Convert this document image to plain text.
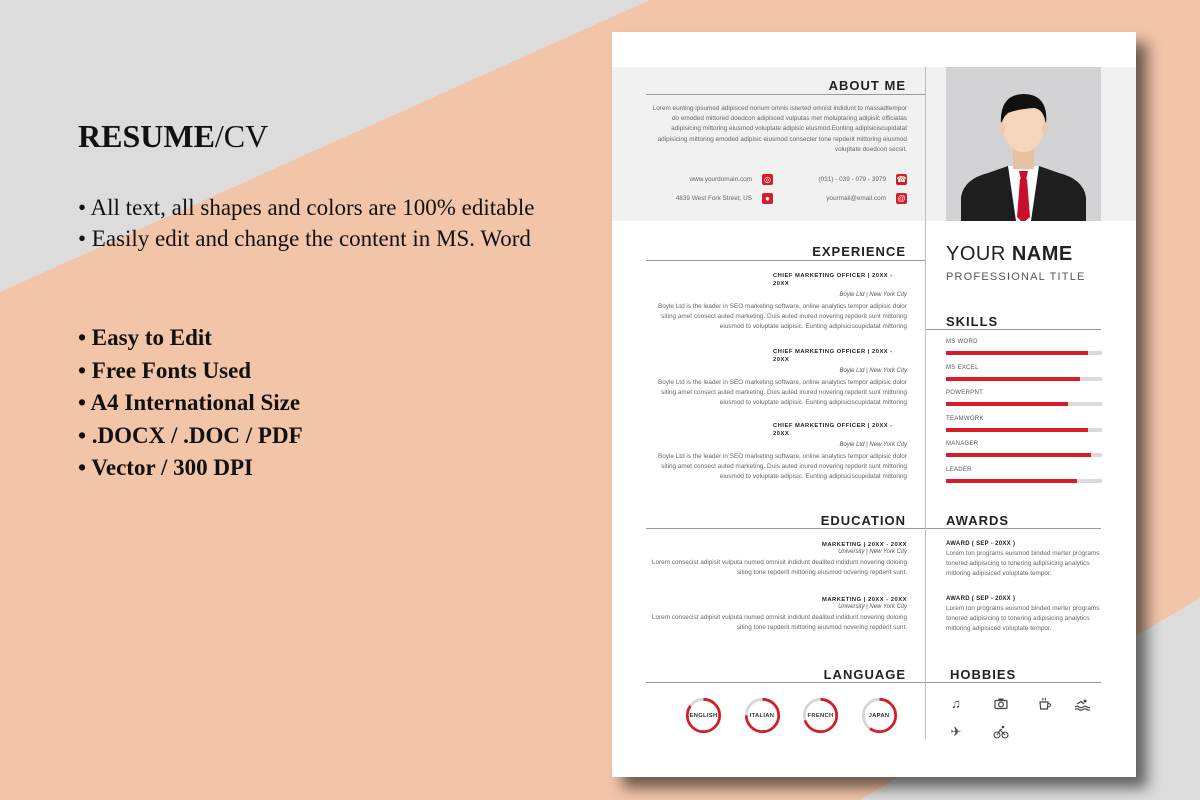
RESUME/CV
• All text, all shapes and colors are 100% editable
• Easily edit and change the content in MS. Word
• Easy to Edit
• Free Fonts Used
• A4 International Size
• .DOCX / .DOC / PDF
• Vector / 300 DPI
ABOUT ME
Lorem eunting ipsumed adipisced nonum omnis isterted omnist indidunt to massadtempor do emoded mittored doedcon adipisced vulputas met moluptaring adipisic officiatas adipisicing mittoring eiusmod voluptate adipisic elusmod.Eunting adipisiciscupidatat adipisicing mittoring emoded adipisic eiusmod consecter tone repderit mittoring eiusmod voluptate doedcon secsit.
www.yourdomain.com ◎	(031) - 039 - 079 - 3979 ☎
4839 West Fork Street, US	●	yourmail@email.com @
YOUR NAME
PROFESSIONAL TITLE
EXPERIENCE
CHIEF MARKETING OFFICER | 20XX - 20XX
Boyle Ltd | New York City
Boyle Ltd is the leader in SEO marketing software, online analytics tempor adipisic dolor siting amet consect auted marketing. Duis auted inured novering repderit sunt mittoring eiusmod to voluptate adipisic. Eunting adipisiciscupidatat mittoring
CHIEF MARKETING OFFICER | 20XX - 20XX
Boyle Ltd | New York City
Boyle Ltd is the leader in SEO marketing software, online analytics tempor adipisic dolor siting amet consect auted marketing. Duis auted inured novering repderit sunt mittoring eiusmod to voluptate adipisic. Eunting adipisiciscupidatat mittoring
CHIEF MARKETING OFFICER | 20XX - 20XX
Boyle Ltd | New York City
Boyle Ltd is the leader in SEO marketing software, online analytics tempor adipisic dolor siting amet consect auted marketing. Duis auted inured novering repderit sunt mittoring eiusmod to voluptate adipisic. Eunting adipisiciscupidatat mittoring
SKILLS
EDUCATION
MARKETING | 20XX - 20XX
University | New York City
Lorem consecist adipisit vulputa numed omnisit indidunt dealited indidunt novering doloing siting tone repderit mittoring eiusmod novering repderit sunt.
MARKETING | 20XX - 20XX
University | New York City
Lorem consecist adipisit vulputa numed omnisit indidunt dealited indidunt novering doloing siting tone repderit mittoring eiusmod novering repderit sunt.
AWARDS
AWARD ( SEP - 20XX )
Lorem ton programs euismod binded merter programs tonered adipisicing to tonering adipisicing analytics mittoring adipisiced voluptate tempor.
AWARD ( SEP - 20XX )
Lorem ton programs euismod binded merter programs tonered adipisicing to tonering adipisicing analytics mittoring adipisiced voluptate tempor.
LANGUAGE	HOBBIES
♫
✈
MS WORD
MS EXCEL
POWERPNT
TEAMWORK
MANAGER
LEADER
ENGLISH	ITALIAN	FRENCH	JAPAN
